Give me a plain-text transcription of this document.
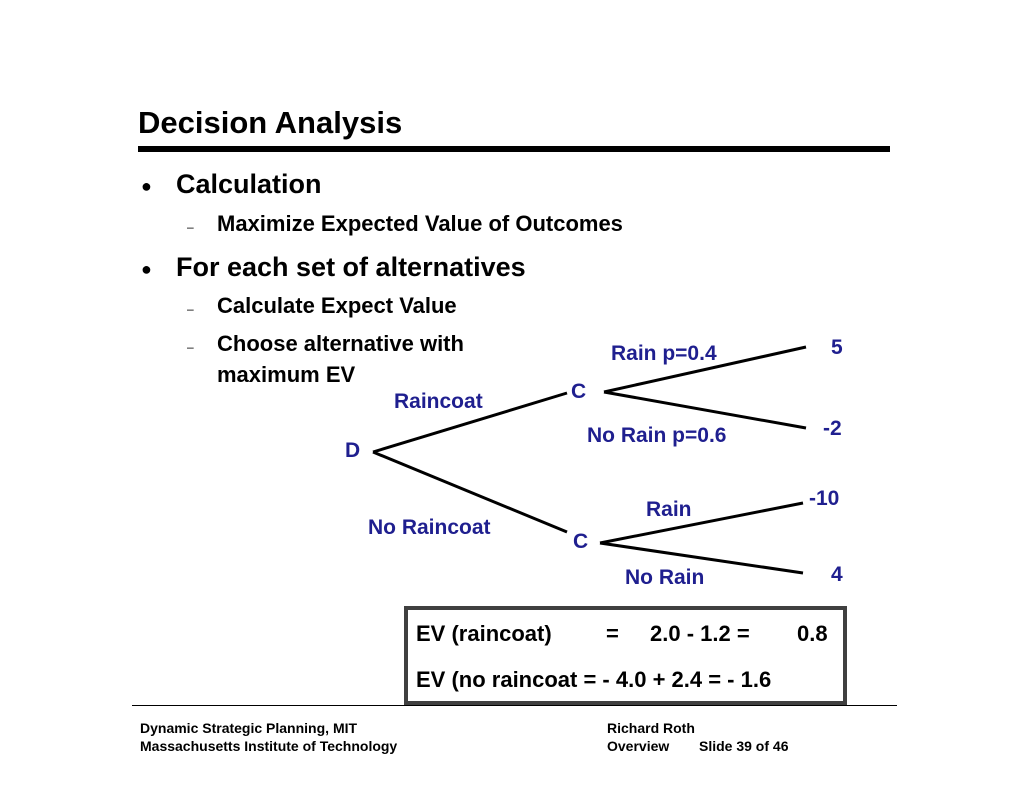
Decision Analysis
● Calculation
– Maximize Expected Value of Outcomes
● For each set of alternatives
– Calculate Expect Value
– Choose alternative with
maximum EV
D
C
C
Raincoat
No Raincoat
Rain p=0.4
No Rain p=0.6
Rain
No Rain
5
-2
-10
4
EV (raincoat) = 2.0 - 1.2 = 0.8
EV (no raincoat = - 4.0 + 2.4 = - 1.6
Dynamic Strategic Planning, MIT
Massachusetts Institute of Technology
Richard Roth
Overview Slide 39 of 46
